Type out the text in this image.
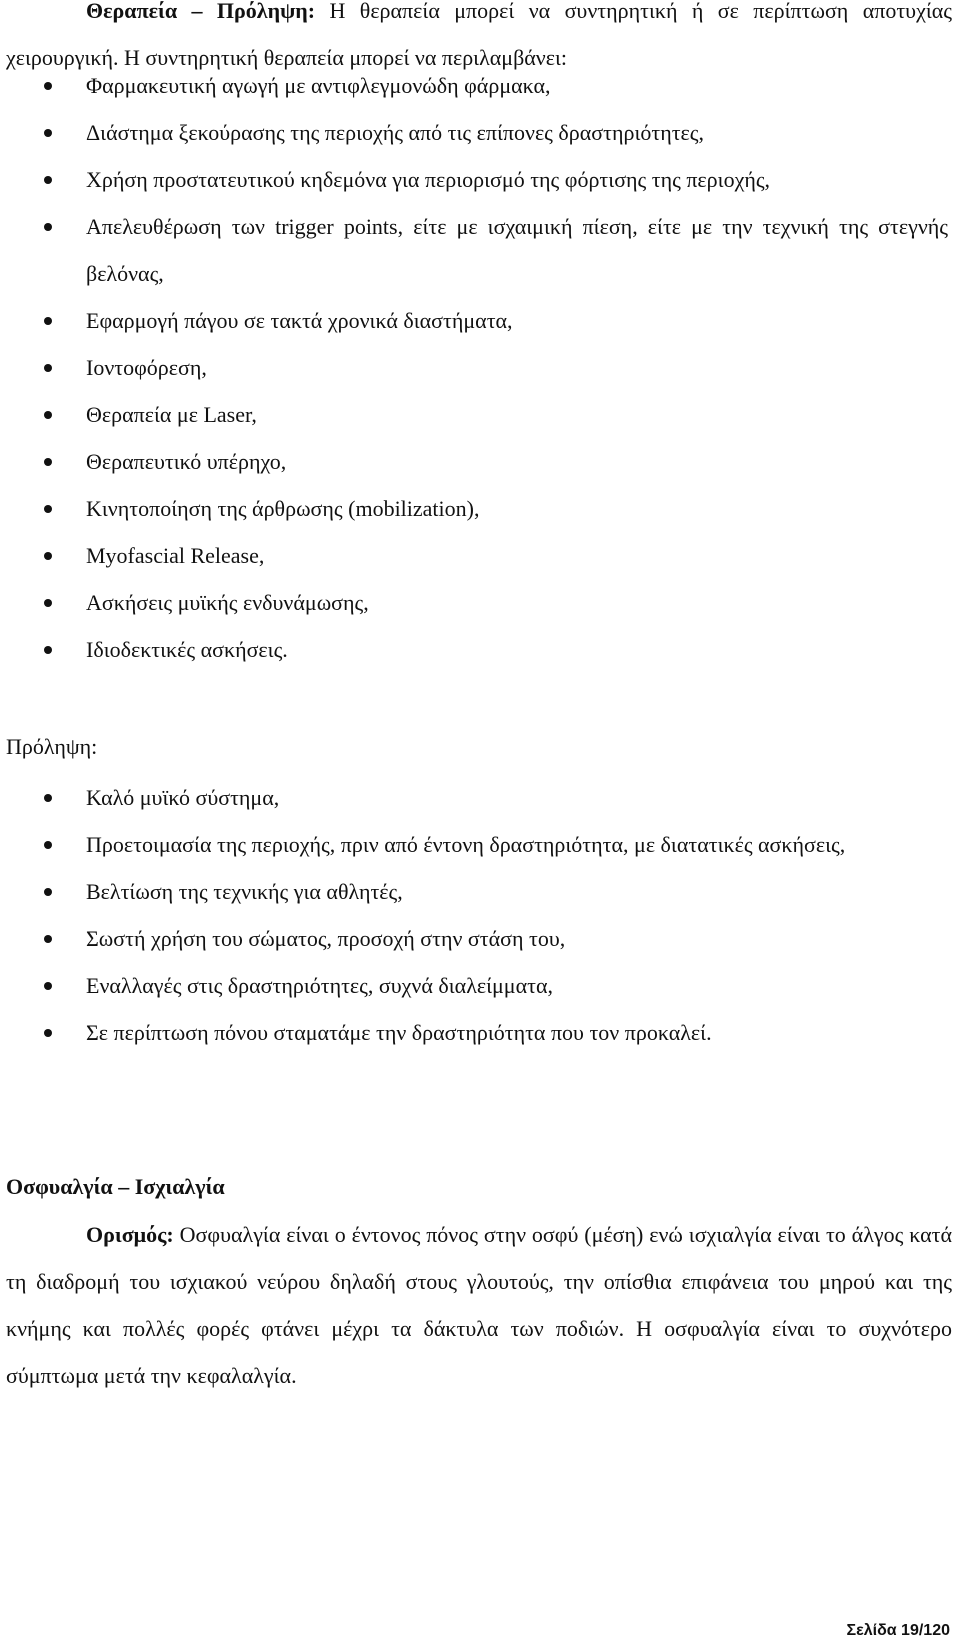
Θεραπεία – Πρόληψη: Η θεραπεία μπορεί να συντηρητική ή σε περίπτωση αποτυχίας χειρουργική. Η συντηρητική θεραπεία μπορεί να περιλαμβάνει:

Φαρμακευτική αγωγή με αντιφλεγμονώδη φάρμακα,
Διάστημα ξεκούρασης της περιοχής από τις επίπονες δραστηριότητες,
Χρήση προστατευτικού κηδεμόνα για περιορισμό της φόρτισης της περιοχής,
Απελευθέρωση των trigger points, είτε με ισχαιμική πίεση, είτε με την τεχνική της στεγνής βελόνας,
Εφαρμογή πάγου σε τακτά χρονικά διαστήματα,
Ιοντοφόρεση,
Θεραπεία με Laser,
Θεραπευτικό υπέρηχο,
Κινητοποίηση της άρθρωσης (mobilization),
Myofascial Release,
Ασκήσεις μυϊκής ενδυνάμωσης,
Ιδιοδεκτικές ασκήσεις.
Πρόληψη:
Καλό μυϊκό σύστημα,
Προετοιμασία της περιοχής, πριν από έντονη δραστηριότητα, με διατατικές ασκήσεις,
Βελτίωση της τεχνικής για αθλητές,
Σωστή χρήση του σώματος, προσοχή στην στάση του,
Εναλλαγές στις δραστηριότητες, συχνά διαλείμματα,
Σε περίπτωση πόνου σταματάμε την δραστηριότητα που τον προκαλεί.
Οσφυαλγία – Ισχιαλγία

Ορισμός: Οσφυαλγία είναι ο έντονος πόνος στην οσφύ (μέση) ενώ ισχιαλγία είναι το άλγος κατά τη διαδρομή του ισχιακού νεύρου δηλαδή στους γλουτούς, την οπίσθια επιφάνεια του μηρού και της κνήμης και πολλές φορές φτάνει μέχρι τα δάκτυλα των ποδιών. Η οσφυαλγία είναι το συχνότερο σύμπτωμα μετά την κεφαλαλγία.

Σελίδα 19/120
